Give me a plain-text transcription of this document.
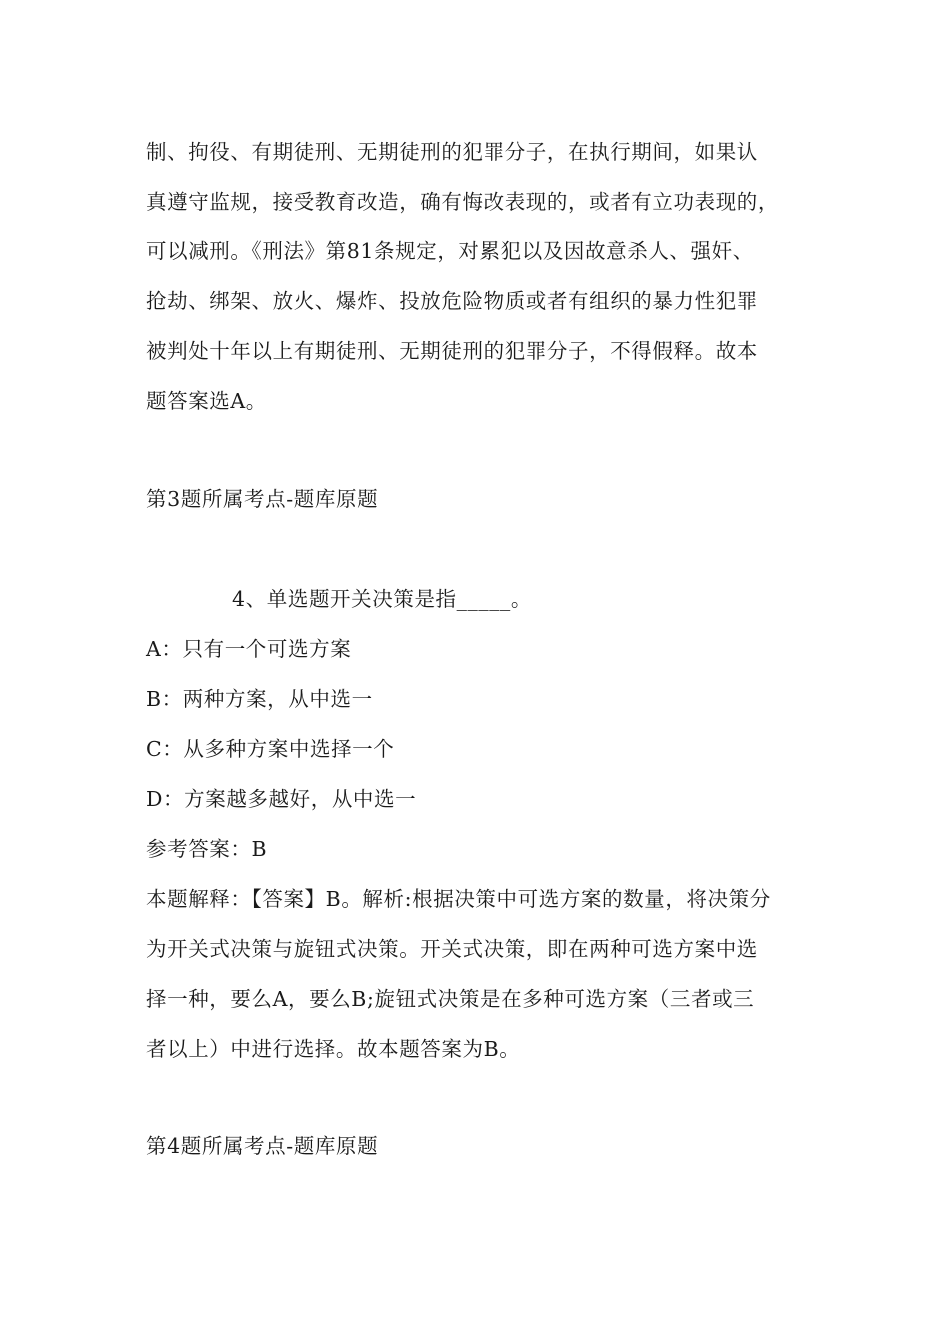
制、拘役、有期徒刑、无期徒刑的犯罪分子，在执行期间，如果认
真遵守监规，接受教育改造，确有悔改表现的，或者有立功表现的，
可以减刑。《刑法》第81条规定，对累犯以及因故意杀人、强奸、
抢劫、绑架、放火、爆炸、投放危险物质或者有组织的暴力性犯罪
被判处十年以上有期徒刑、无期徒刑的犯罪分子，不得假释。故本
题答案选A。
第3题所属考点-题库原题
4、单选题开关决策是指_____。
A：只有一个可选方案
B：两种方案，从中选一
C：从多种方案中选择一个
D：方案越多越好，从中选一
参考答案：B
本题解释：【答案】B。解析:根据决策中可选方案的数量，将决策分
为开关式决策与旋钮式决策。开关式决策，即在两种可选方案中选
择一种，要么A，要么B;旋钮式决策是在多种可选方案（三者或三
者以上）中进行选择。故本题答案为B。
第4题所属考点-题库原题
